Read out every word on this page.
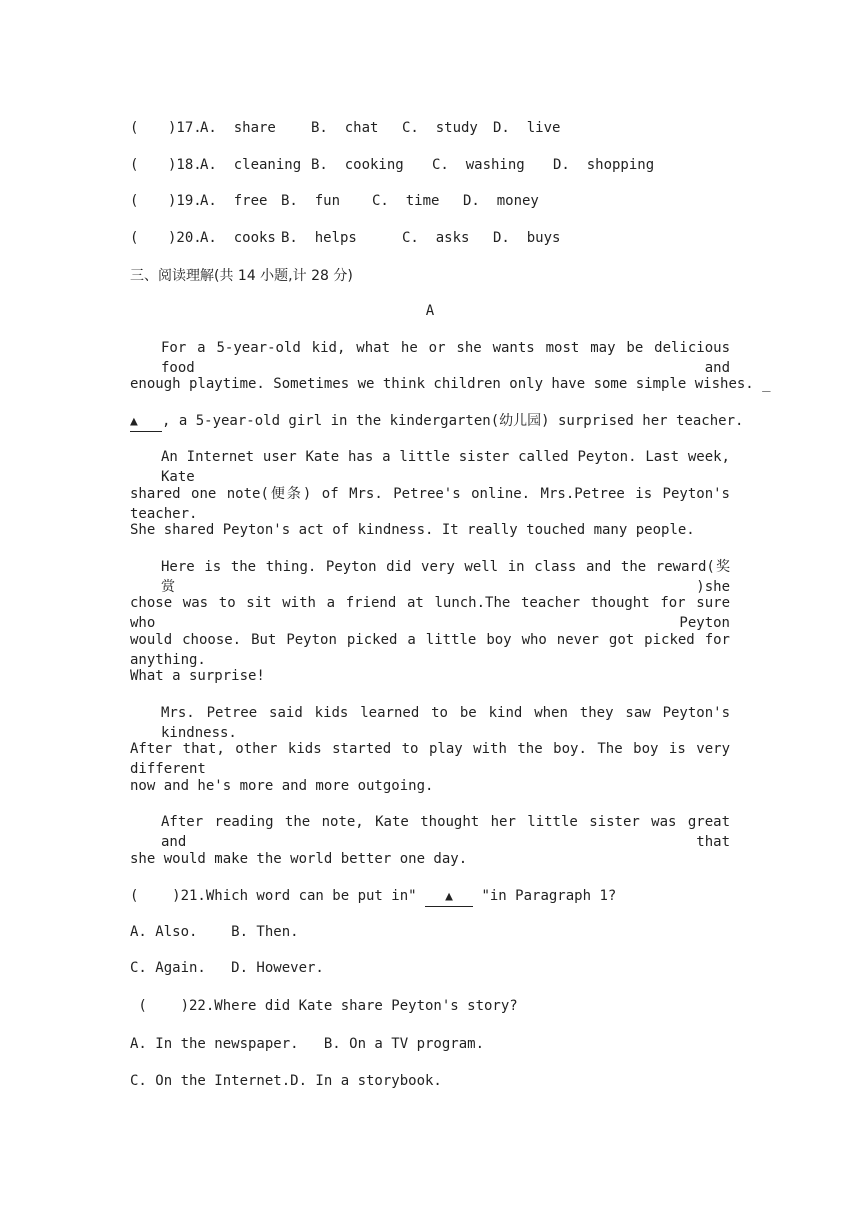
( )17.
A.  share	B.  chat C.  study D.  live
( )18.
A.  cleaning B.  cooking C.  washing D.  shopping
( )19.
A.  free B.  fun C.  time D.  money
( )20.
A.  cooks B.  helps	C.  asks D.  buys
三、阅读理解(共 14 小题,计 28 分)
A
For a 5-year-old kid, what he or she wants most may be delicious food and
enough playtime. Sometimes we think children only have some simple wishes. _
▲ , a 5-year-old girl in the kindergarten(幼儿园) surprised her teacher.
An Internet user Kate has a little sister called Peyton. Last week, Kate
shared one note(便条) of Mrs. Petree's online. Mrs.Petree is Peyton's teacher.
She shared Peyton's act of kindness. It really touched many people.
Here is the thing. Peyton did very well in class and the reward(奖赏)she
chose was to sit with a friend at lunch.The teacher thought for sure who Peyton
would choose. But Peyton picked a little boy who never got picked for anything.
What a surprise!
Mrs. Petree said kids learned to be kind when they saw Peyton's kindness.
After that, other kids started to play with the boy. The boy is very different
now and he's more and more outgoing.
After reading the note, Kate thought her little sister was great and that
she would make the world better one day.
(    )21.Which word can be put in" ▲ "in Paragraph 1?
A. Also.    B. Then.
C. Again.   D. However.
(    )22.Where did Kate share Peyton's story?
A. In the newspaper.   B. On a TV program.
C. On the Internet.D. In a storybook.
